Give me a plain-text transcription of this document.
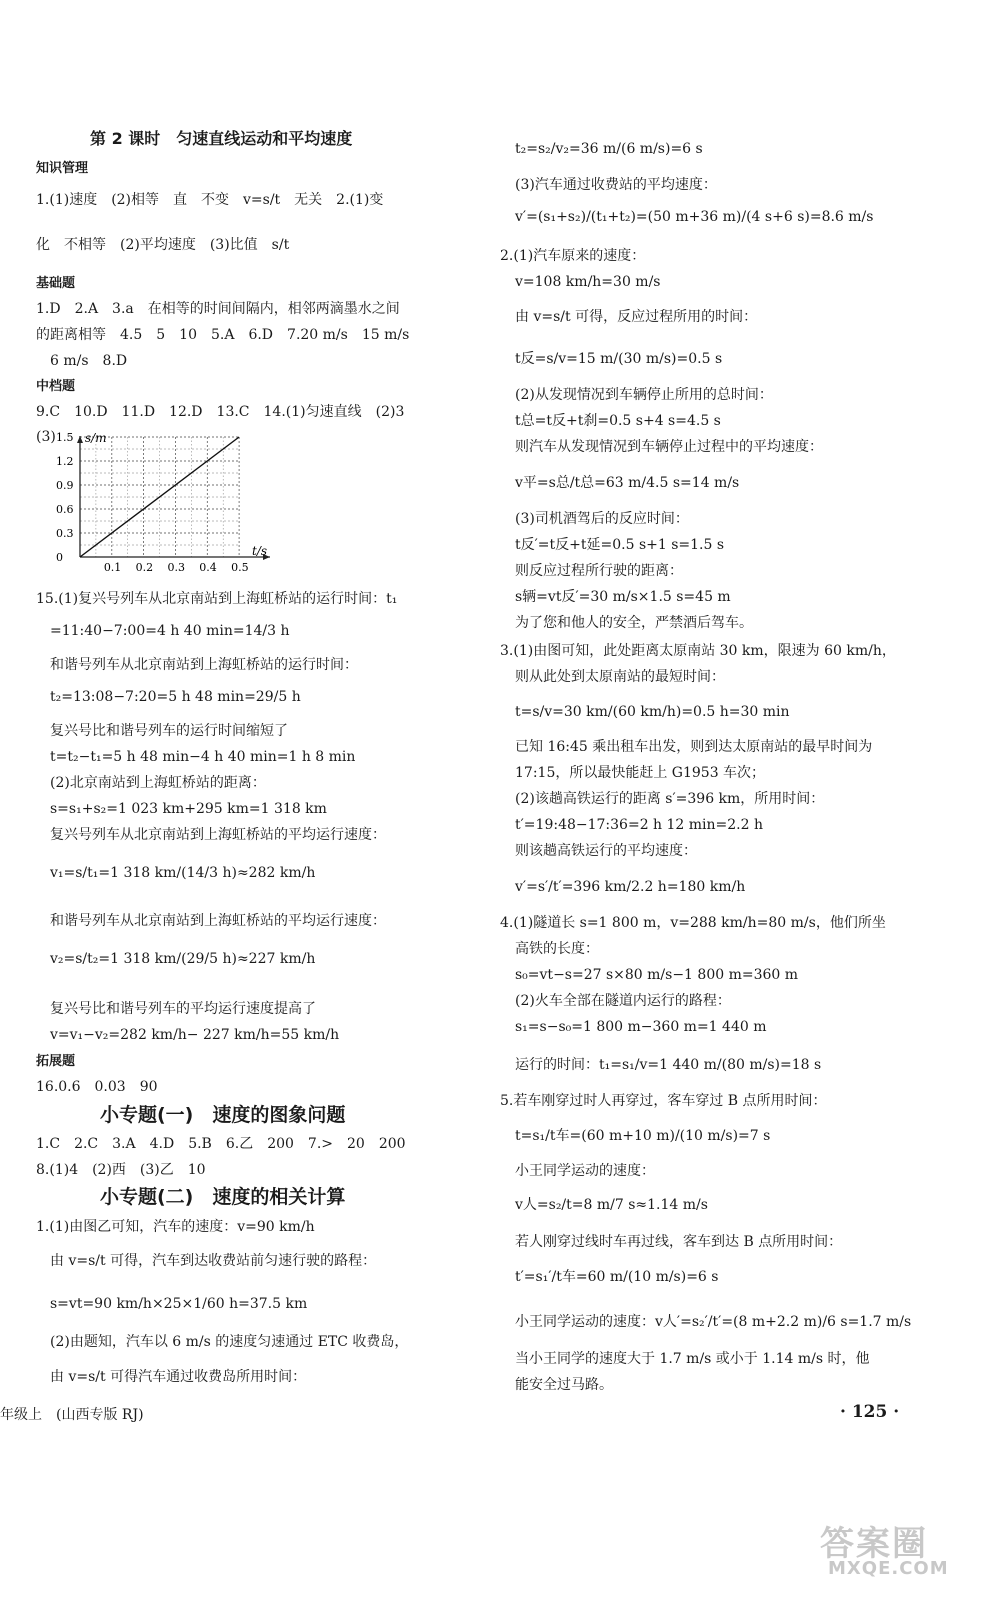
第 2 课时　匀速直线运动和平均速度
知识管理
1.(1)速度　(2)相等　直　不变　v=s/t　无关　2.(1)变
化　不相等　(2)平均速度　(3)比值　s/t
基础题
1.D　2.A　3.a　在相等的时间间隔内，相邻两滴墨水之间
的距离相等　4.5　5　10　5.A　6.D　7.20 m/s　15 m/s
6 m/s　8.D
中档题
9.C　10.D　11.D　12.D　13.C　14.(1)匀速直线　(2)3
(3)
15.(1)复兴号列车从北京南站到上海虹桥站的运行时间：t₁
=11:40−7:00=4 h 40 min=14/3 h
和谐号列车从北京南站到上海虹桥站的运行时间：
t₂=13:08−7:20=5 h 48 min=29/5 h
复兴号比和谐号列车的运行时间缩短了
t=t₂−t₁=5 h 48 min−4 h 40 min=1 h 8 min
(2)北京南站到上海虹桥站的距离：
s=s₁+s₂=1 023 km+295 km=1 318 km
复兴号列车从北京南站到上海虹桥站的平均运行速度：
v₁=s/t₁=1 318 km/(14/3 h)≈282 km/h
和谐号列车从北京南站到上海虹桥站的平均运行速度：
v₂=s/t₂=1 318 km/(29/5 h)≈227 km/h
复兴号比和谐号列车的平均运行速度提高了
v=v₁−v₂=282 km/h− 227 km/h=55 km/h
拓展题
16.0.6　0.03　90
小专题(一)　速度的图象问题
1.C　2.C　3.A　4.D　5.B　6.乙　200　7.>　20　200
8.(1)4　(2)西　(3)乙　10
小专题(二)　速度的相关计算
1.(1)由图乙可知，汽车的速度：v=90 km/h
由 v=s/t 可得，汽车到达收费站前匀速行驶的路程：
s=vt=90 km/h×25×1/60 h=37.5 km
(2)由题知，汽车以 6 m/s 的速度匀速通过 ETC 收费岛，
由 v=s/t 可得汽车通过收费岛所用时间：
t₂=s₂/v₂=36 m/(6 m/s)=6 s
(3)汽车通过收费站的平均速度：
v′=(s₁+s₂)/(t₁+t₂)=(50 m+36 m)/(4 s+6 s)=8.6 m/s
2.(1)汽车原来的速度：
v=108 km/h=30 m/s
由 v=s/t 可得，反应过程所用的时间：
t反=s/v=15 m/(30 m/s)=0.5 s
(2)从发现情况到车辆停止所用的总时间：
t总=t反+t刹=0.5 s+4 s=4.5 s
则汽车从发现情况到车辆停止过程中的平均速度：
v平=s总/t总=63 m/4.5 s=14 m/s
(3)司机酒驾后的反应时间：
t反′=t反+t延=0.5 s+1 s=1.5 s
则反应过程所行驶的距离：
s辆=vt反′=30 m/s×1.5 s=45 m
为了您和他人的安全，严禁酒后驾车。
3.(1)由图可知，此处距离太原南站 30 km，限速为 60 km/h，
则从此处到太原南站的最短时间：
t=s/v=30 km/(60 km/h)=0.5 h=30 min
已知 16:45 乘出租车出发，则到达太原南站的最早时间为
17:15，所以最快能赶上 G1953 车次；
(2)该趟高铁运行的距离 s′=396 km，所用时间：
t′=19:48−17:36=2 h 12 min=2.2 h
则该趟高铁运行的平均速度：
v′=s′/t′=396 km/2.2 h=180 km/h
4.(1)隧道长 s=1 800 m，v=288 km/h=80 m/s，他们所坐
高铁的长度：
s₀=vt−s=27 s×80 m/s−1 800 m=360 m
(2)火车全部在隧道内运行的路程：
s₁=s−s₀=1 800 m−360 m=1 440 m
运行的时间：t₁=s₁/v=1 440 m/(80 m/s)=18 s
5.若车刚穿过时人再穿过，客车穿过 B 点所用时间：
t=s₁/t车=(60 m+10 m)/(10 m/s)=7 s
小王同学运动的速度：
v人=s₂/t=8 m/7 s≈1.14 m/s
若人刚穿过线时车再过线，客车到达 B 点所用时间：
t′=s₁′/t车=60 m/(10 m/s)=6 s
小王同学运动的速度：v人′=s₂′/t′=(8 m+2.2 m)/6 s=1.7 m/s
当小王同学的速度大于 1.7 m/s 或小于 1.14 m/s 时，他
能安全过马路。
0.1 0.2 0.3 0.4 0.5
0
0.3
0.6
0.9
1.2
1.5
t/s
s/m
年级上　(山西专版 RJ)	· 125 ·
答案圈
MXQE.COM
